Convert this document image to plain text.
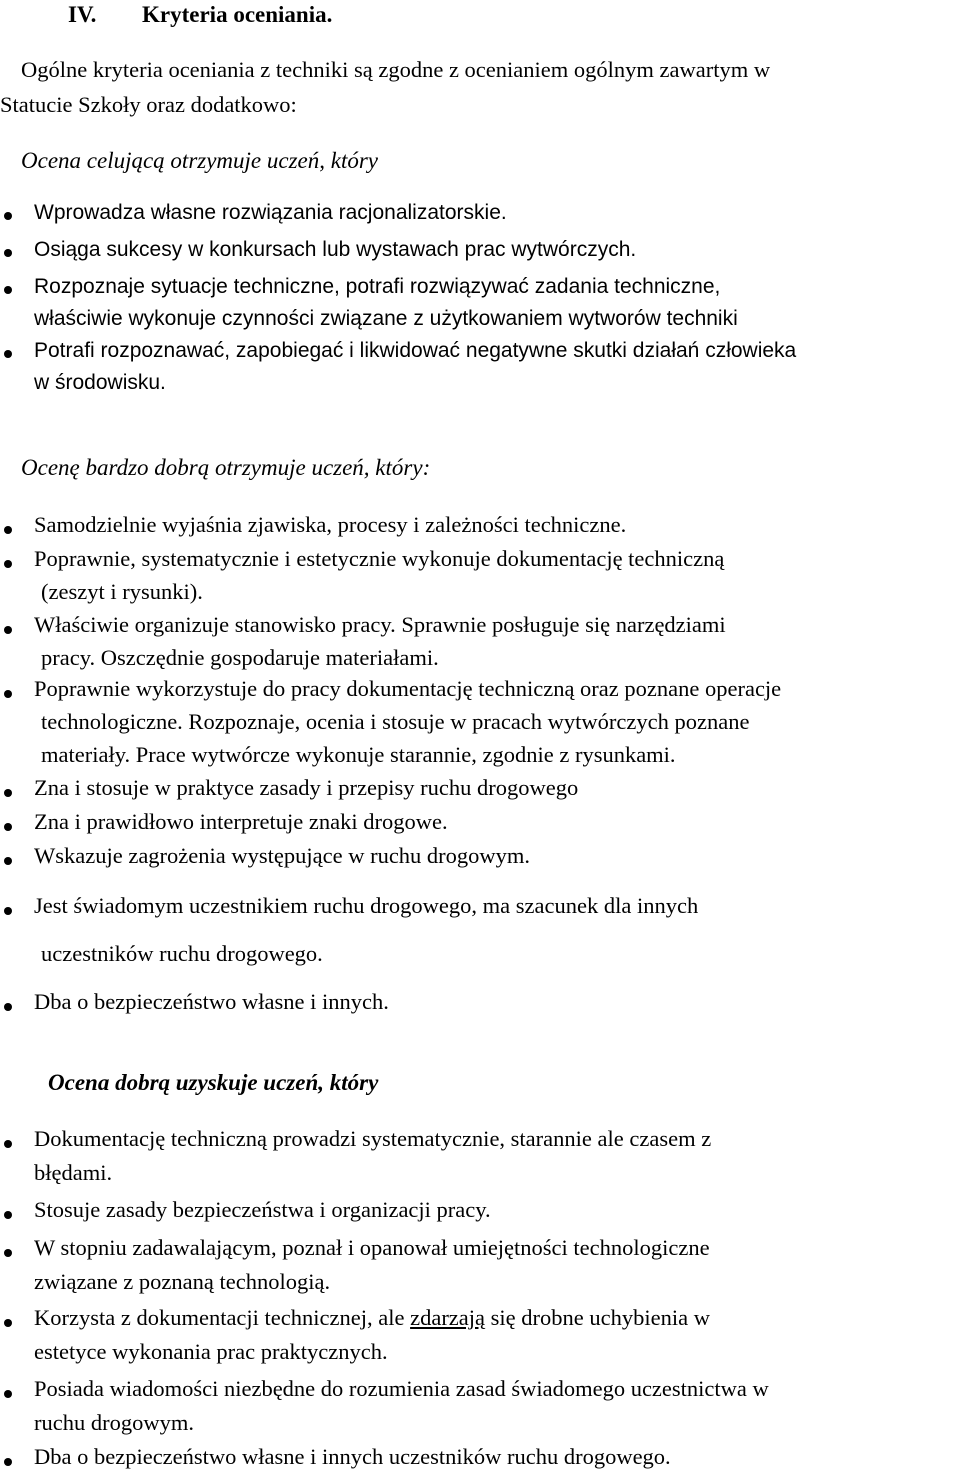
IV. Kryteria oceniania.
Ogólne kryteria oceniania z techniki są zgodne z ocenianiem ogólnym zawartym w
Statucie Szkoły oraz dodatkowo:
Ocena celującą otrzymuje uczeń, który
Wprowadza własne rozwiązania racjonalizatorskie.
Osiąga sukcesy w konkursach lub wystawach prac wytwórczych.
Rozpoznaje sytuacje techniczne, potrafi rozwiązywać zadania techniczne,
właściwie wykonuje czynności związane z użytkowaniem wytworów techniki
Potrafi rozpoznawać, zapobiegać i likwidować negatywne skutki działań człowieka
w środowisku.
Ocenę bardzo dobrą otrzymuje uczeń, który:
Samodzielnie wyjaśnia zjawiska, procesy i zależności techniczne.
Poprawnie, systematycznie i estetycznie wykonuje dokumentację techniczną
(zeszyt i rysunki).
Właściwie organizuje stanowisko pracy. Sprawnie posługuje się narzędziami
pracy. Oszczędnie gospodaruje materiałami.
Poprawnie wykorzystuje do pracy dokumentację techniczną oraz poznane operacje
technologiczne. Rozpoznaje, ocenia i stosuje w pracach wytwórczych poznane
materiały. Prace wytwórcze wykonuje starannie, zgodnie z rysunkami.
Zna i stosuje w praktyce zasady i przepisy ruchu drogowego
Zna i prawidłowo interpretuje znaki drogowe.
Wskazuje zagrożenia występujące w ruchu drogowym.
Jest świadomym uczestnikiem ruchu drogowego, ma szacunek dla innych
uczestników ruchu drogowego.
Dba o bezpieczeństwo własne i innych.
Ocena dobrą uzyskuje uczeń, który
Dokumentację techniczną prowadzi systematycznie, starannie ale czasem z
błędami.
Stosuje zasady bezpieczeństwa i organizacji pracy.
W stopniu zadawalającym, poznał i opanował umiejętności technologiczne
związane z poznaną technologią.
Korzysta z dokumentacji technicznej, ale zdarzają się drobne uchybienia w
estetyce wykonania prac praktycznych.
Posiada wiadomości niezbędne do rozumienia zasad świadomego uczestnictwa w
ruchu drogowym.
Dba o bezpieczeństwo własne i innych uczestników ruchu drogowego.
